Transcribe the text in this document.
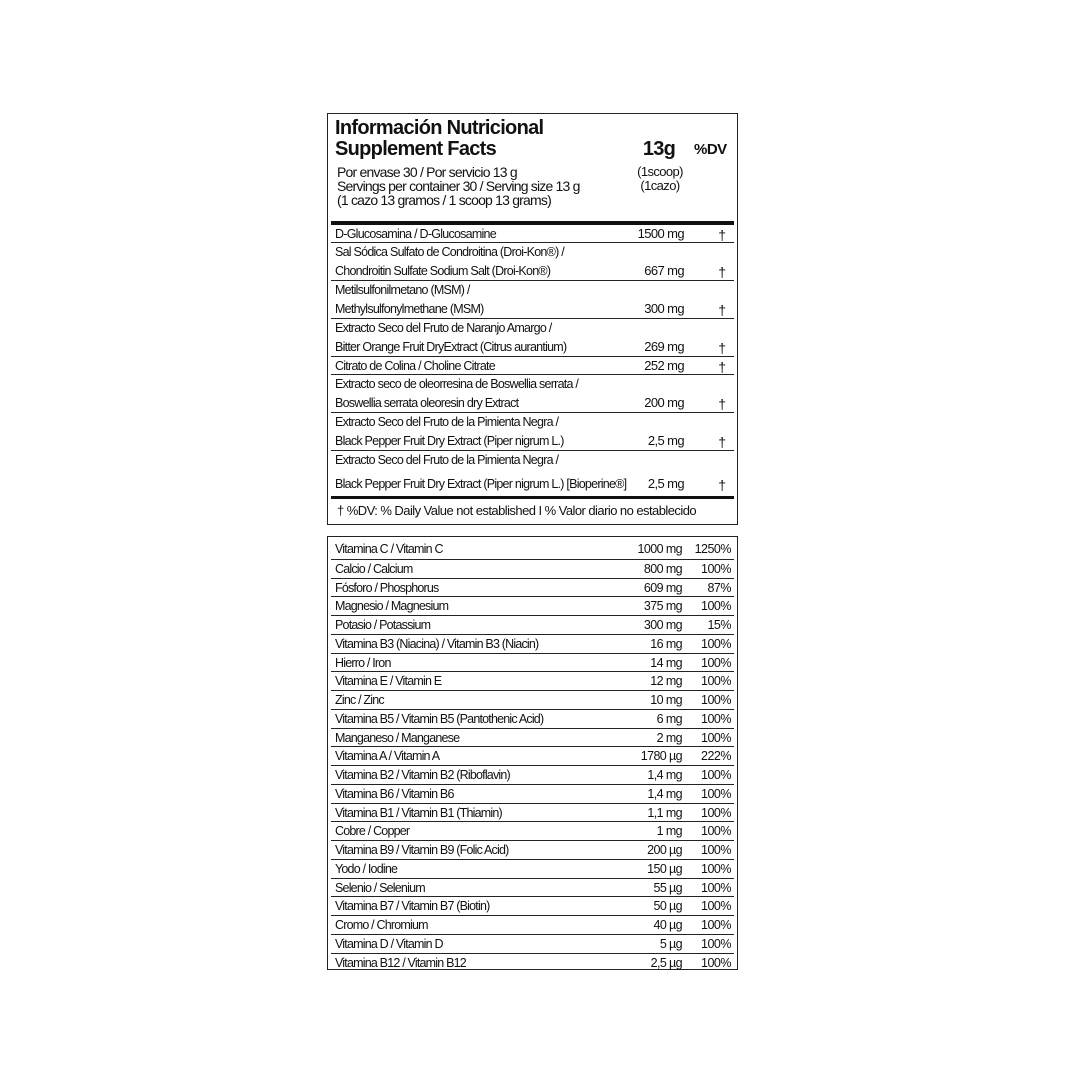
Información Nutricional
Supplement Facts	13g %DV
Por envase 30 / Por servicio 13 g
Servings per container 30 / Serving size 13 g
(1 cazo 13 gramos / 1 scoop 13 grams)
(1scoop)
(1cazo)
D-Glucosamina / D-Glucosamine	1500 mg †
Sal Sódica Sulfato de Condroitina (Droi-Kon®) /
Chondroitin Sulfate Sodium Salt (Droi-Kon®)	667 mg †
Metilsulfonilmetano (MSM) /
Methylsulfonylmethane (MSM)	300 mg †
Extracto Seco del Fruto de Naranjo Amargo /
Bitter Orange Fruit DryExtract (Citrus aurantium)	269 mg †
Citrato de Colina / Choline Citrate	252 mg †
Extracto seco de oleorresina de Boswellia serrata /
Boswellia serrata oleoresin dry Extract	200 mg †
Extracto Seco del Fruto de la Pimienta Negra /
Black Pepper Fruit Dry Extract (Piper nigrum L.)	2,5 mg †
Extracto Seco del Fruto de la Pimienta Negra /
Black Pepper Fruit Dry Extract (Piper nigrum L.) [Bioperine®] 2,5 mg †
† %DV: % Daily Value not established I % Valor diario no establecido
Vitamina C / Vitamin C	1000 mg 1250%
Calcio / Calcium	800 mg 100%
Fósforo / Phosphorus	609 mg 87%
Magnesio / Magnesium	375 mg 100%
Potasio / Potassium	300 mg 15%
Vitamina B3 (Niacina) / Vitamin B3 (Niacin)	16 mg 100%
Hierro / Iron	14 mg 100%
Vitamina E / Vitamin E	12 mg 100%
Zinc / Zinc	10 mg 100%
Vitamina B5 / Vitamin B5 (Pantothenic Acid)	6 mg 100%
Manganeso / Manganese	2 mg 100%
Vitamina A / Vitamin A	1780 µg 222%
Vitamina B2 / Vitamin B2 (Riboflavin)	1,4 mg 100%
Vitamina B6 / Vitamin B6	1,4 mg 100%
Vitamina B1 / Vitamin B1 (Thiamin)	1,1 mg 100%
Cobre / Copper	1 mg 100%
Vitamina B9 / Vitamin B9 (Folic Acid)	200 µg 100%
Yodo / Iodine	150 µg 100%
Selenio / Selenium	55 µg 100%
Vitamina B7 / Vitamin B7 (Biotin)	50 µg 100%
Cromo / Chromium	40 µg 100%
Vitamina D / Vitamin D	5 µg 100%
Vitamina B12 / Vitamin B12	2,5 µg 100%
